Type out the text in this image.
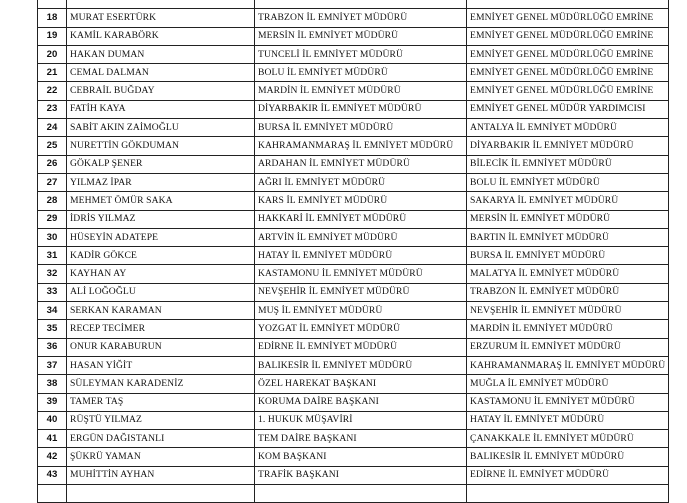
18	MURAT ESERTÜRK	TRABZON İL EMNİYET MÜDÜRÜ	EMNİYET GENEL MÜDÜRLÜĞÜ EMRİNE
19	KAMİL KARABÖRK	MERSİN İL EMNİYET MÜDÜRÜ	EMNİYET GENEL MÜDÜRLÜĞÜ EMRİNE
20	HAKAN DUMAN	TUNCELİ İL EMNİYET MÜDÜRÜ	EMNİYET GENEL MÜDÜRLÜĞÜ EMRİNE
21	CEMAL DALMAN	BOLU İL EMNİYET MÜDÜRÜ	EMNİYET GENEL MÜDÜRLÜĞÜ EMRİNE
22	CEBRAİL BUĞDAY	MARDİN İL EMNİYET MÜDÜRÜ	EMNİYET GENEL MÜDÜRLÜĞÜ EMRİNE
23	FATİH KAYA	DİYARBAKIR İL EMNİYET MÜDÜRÜ	EMNİYET GENEL MÜDÜR YARDIMCISI
24	SABİT AKIN ZAİMOĞLU	BURSA İL EMNİYET MÜDÜRÜ	ANTALYA İL EMNİYET MÜDÜRÜ
25	NURETTİN GÖKDUMAN	KAHRAMANMARAŞ İL EMNİYET MÜDÜRÜ	DİYARBAKIR İL EMNİYET MÜDÜRÜ
26	GÖKALP ŞENER	ARDAHAN İL EMNİYET MÜDÜRÜ	BİLECİK İL EMNİYET MÜDÜRÜ
27	YILMAZ İPAR	AĞRI İL EMNİYET MÜDÜRÜ	BOLU İL EMNİYET MÜDÜRÜ
28	MEHMET ÖMÜR SAKA	KARS İL EMNİYET MÜDÜRÜ	SAKARYA İL EMNİYET MÜDÜRÜ
29	İDRİS YILMAZ	HAKKARİ İL EMNİYET MÜDÜRÜ	MERSİN İL EMNİYET MÜDÜRÜ
30	HÜSEYİN ADATEPE	ARTVİN İL EMNİYET MÜDÜRÜ	BARTIN İL EMNİYET MÜDÜRÜ
31	KADİR GÖKCE	HATAY İL EMNİYET MÜDÜRÜ	BURSA İL EMNİYET MÜDÜRÜ
32	KAYHAN AY	KASTAMONU İL EMNİYET MÜDÜRÜ	MALATYA İL EMNİYET MÜDÜRÜ
33	ALİ LOĞOĞLU	NEVŞEHİR İL EMNİYET MÜDÜRÜ	TRABZON İL EMNİYET MÜDÜRÜ
34	SERKAN KARAMAN	MUŞ İL EMNİYET MÜDÜRÜ	NEVŞEHİR İL EMNİYET MÜDÜRÜ
35	RECEP TECİMER	YOZGAT İL EMNİYET MÜDÜRÜ	MARDİN İL EMNİYET MÜDÜRÜ
36	ONUR KARABURUN	EDİRNE İL EMNİYET MÜDÜRÜ	ERZURUM İL EMNİYET MÜDÜRÜ
37	HASAN YİĞİT	BALIKESİR İL EMNİYET MÜDÜRÜ	KAHRAMANMARAŞ İL EMNİYET MÜDÜRÜ
38	SÜLEYMAN KARADENİZ	ÖZEL HAREKAT BAŞKANI	MUĞLA İL EMNİYET MÜDÜRÜ
39	TAMER TAŞ	KORUMA DAİRE BAŞKANI	KASTAMONU İL EMNİYET MÜDÜRÜ
40	RÜŞTÜ YILMAZ	1. HUKUK MÜŞAVİRİ	HATAY İL EMNİYET MÜDÜRÜ
41	ERGÜN DAĞISTANLI	TEM DAİRE BAŞKANI	ÇANAKKALE İL EMNİYET MÜDÜRÜ
42	ŞÜKRÜ YAMAN	KOM BAŞKANI	BALIKESİR İL EMNİYET MÜDÜRÜ
43	MUHİTTİN AYHAN	TRAFİK BAŞKANI	EDİRNE İL EMNİYET MÜDÜRÜ
